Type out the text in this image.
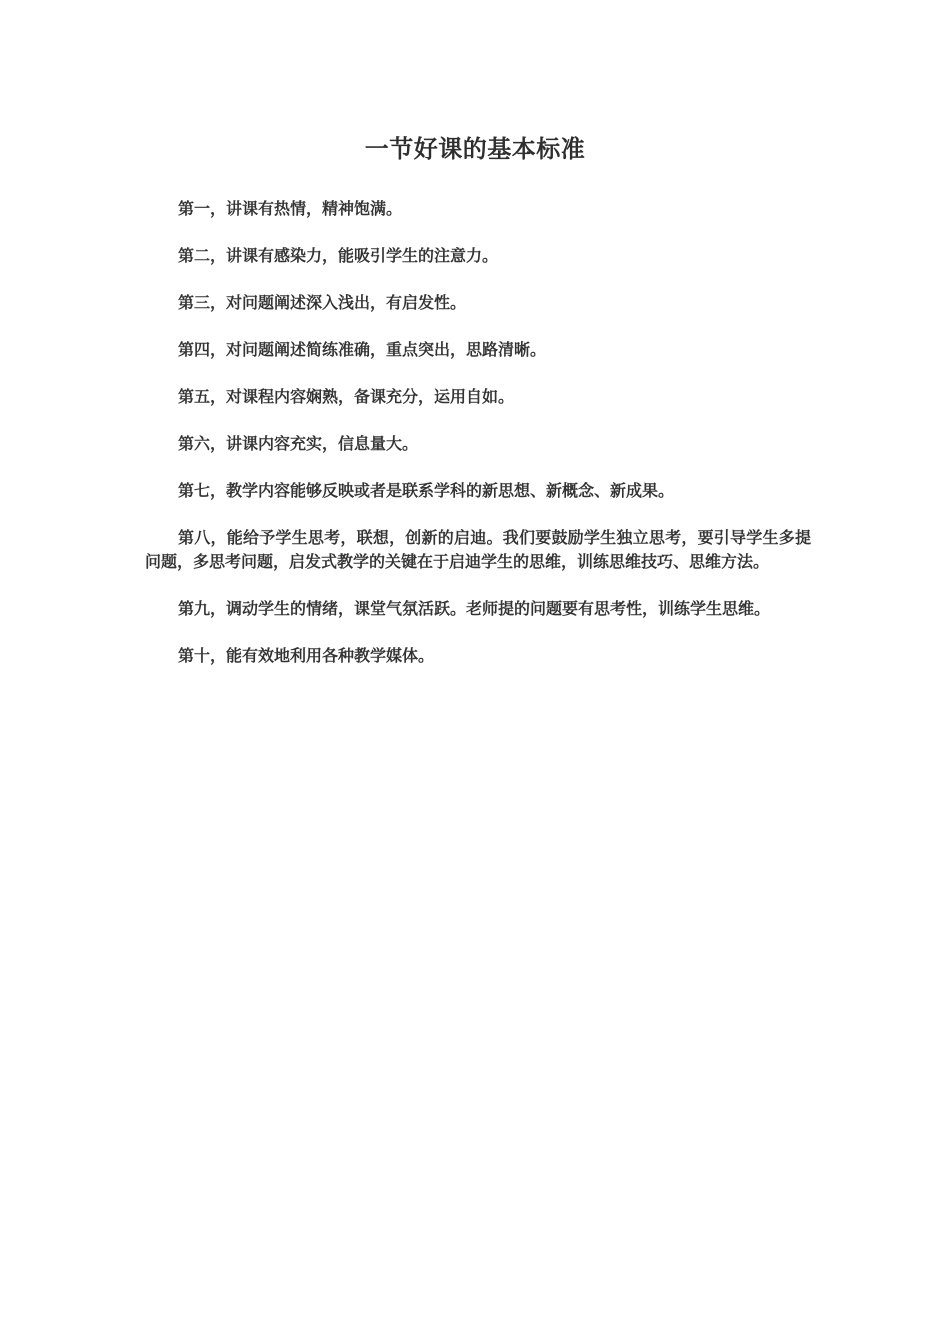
一节好课的基本标准

第一，讲课有热情，精神饱满。

第二，讲课有感染力，能吸引学生的注意力。

第三，对问题阐述深入浅出，有启发性。

第四，对问题阐述简练准确，重点突出，思路清晰。

第五，对课程内容娴熟，备课充分，运用自如。

第六，讲课内容充实，信息量大。

第七，教学内容能够反映或者是联系学科的新思想、新概念、新成果。

第八，能给予学生思考，联想，创新的启迪。我们要鼓励学生独立思考，要引导学生多提问题，多思考问题，启发式教学的关键在于启迪学生的思维，训练思维技巧、思维方法。

第九，调动学生的情绪，课堂气氛活跃。老师提的问题要有思考性，训练学生思维。

第十，能有效地利用各种教学媒体。
